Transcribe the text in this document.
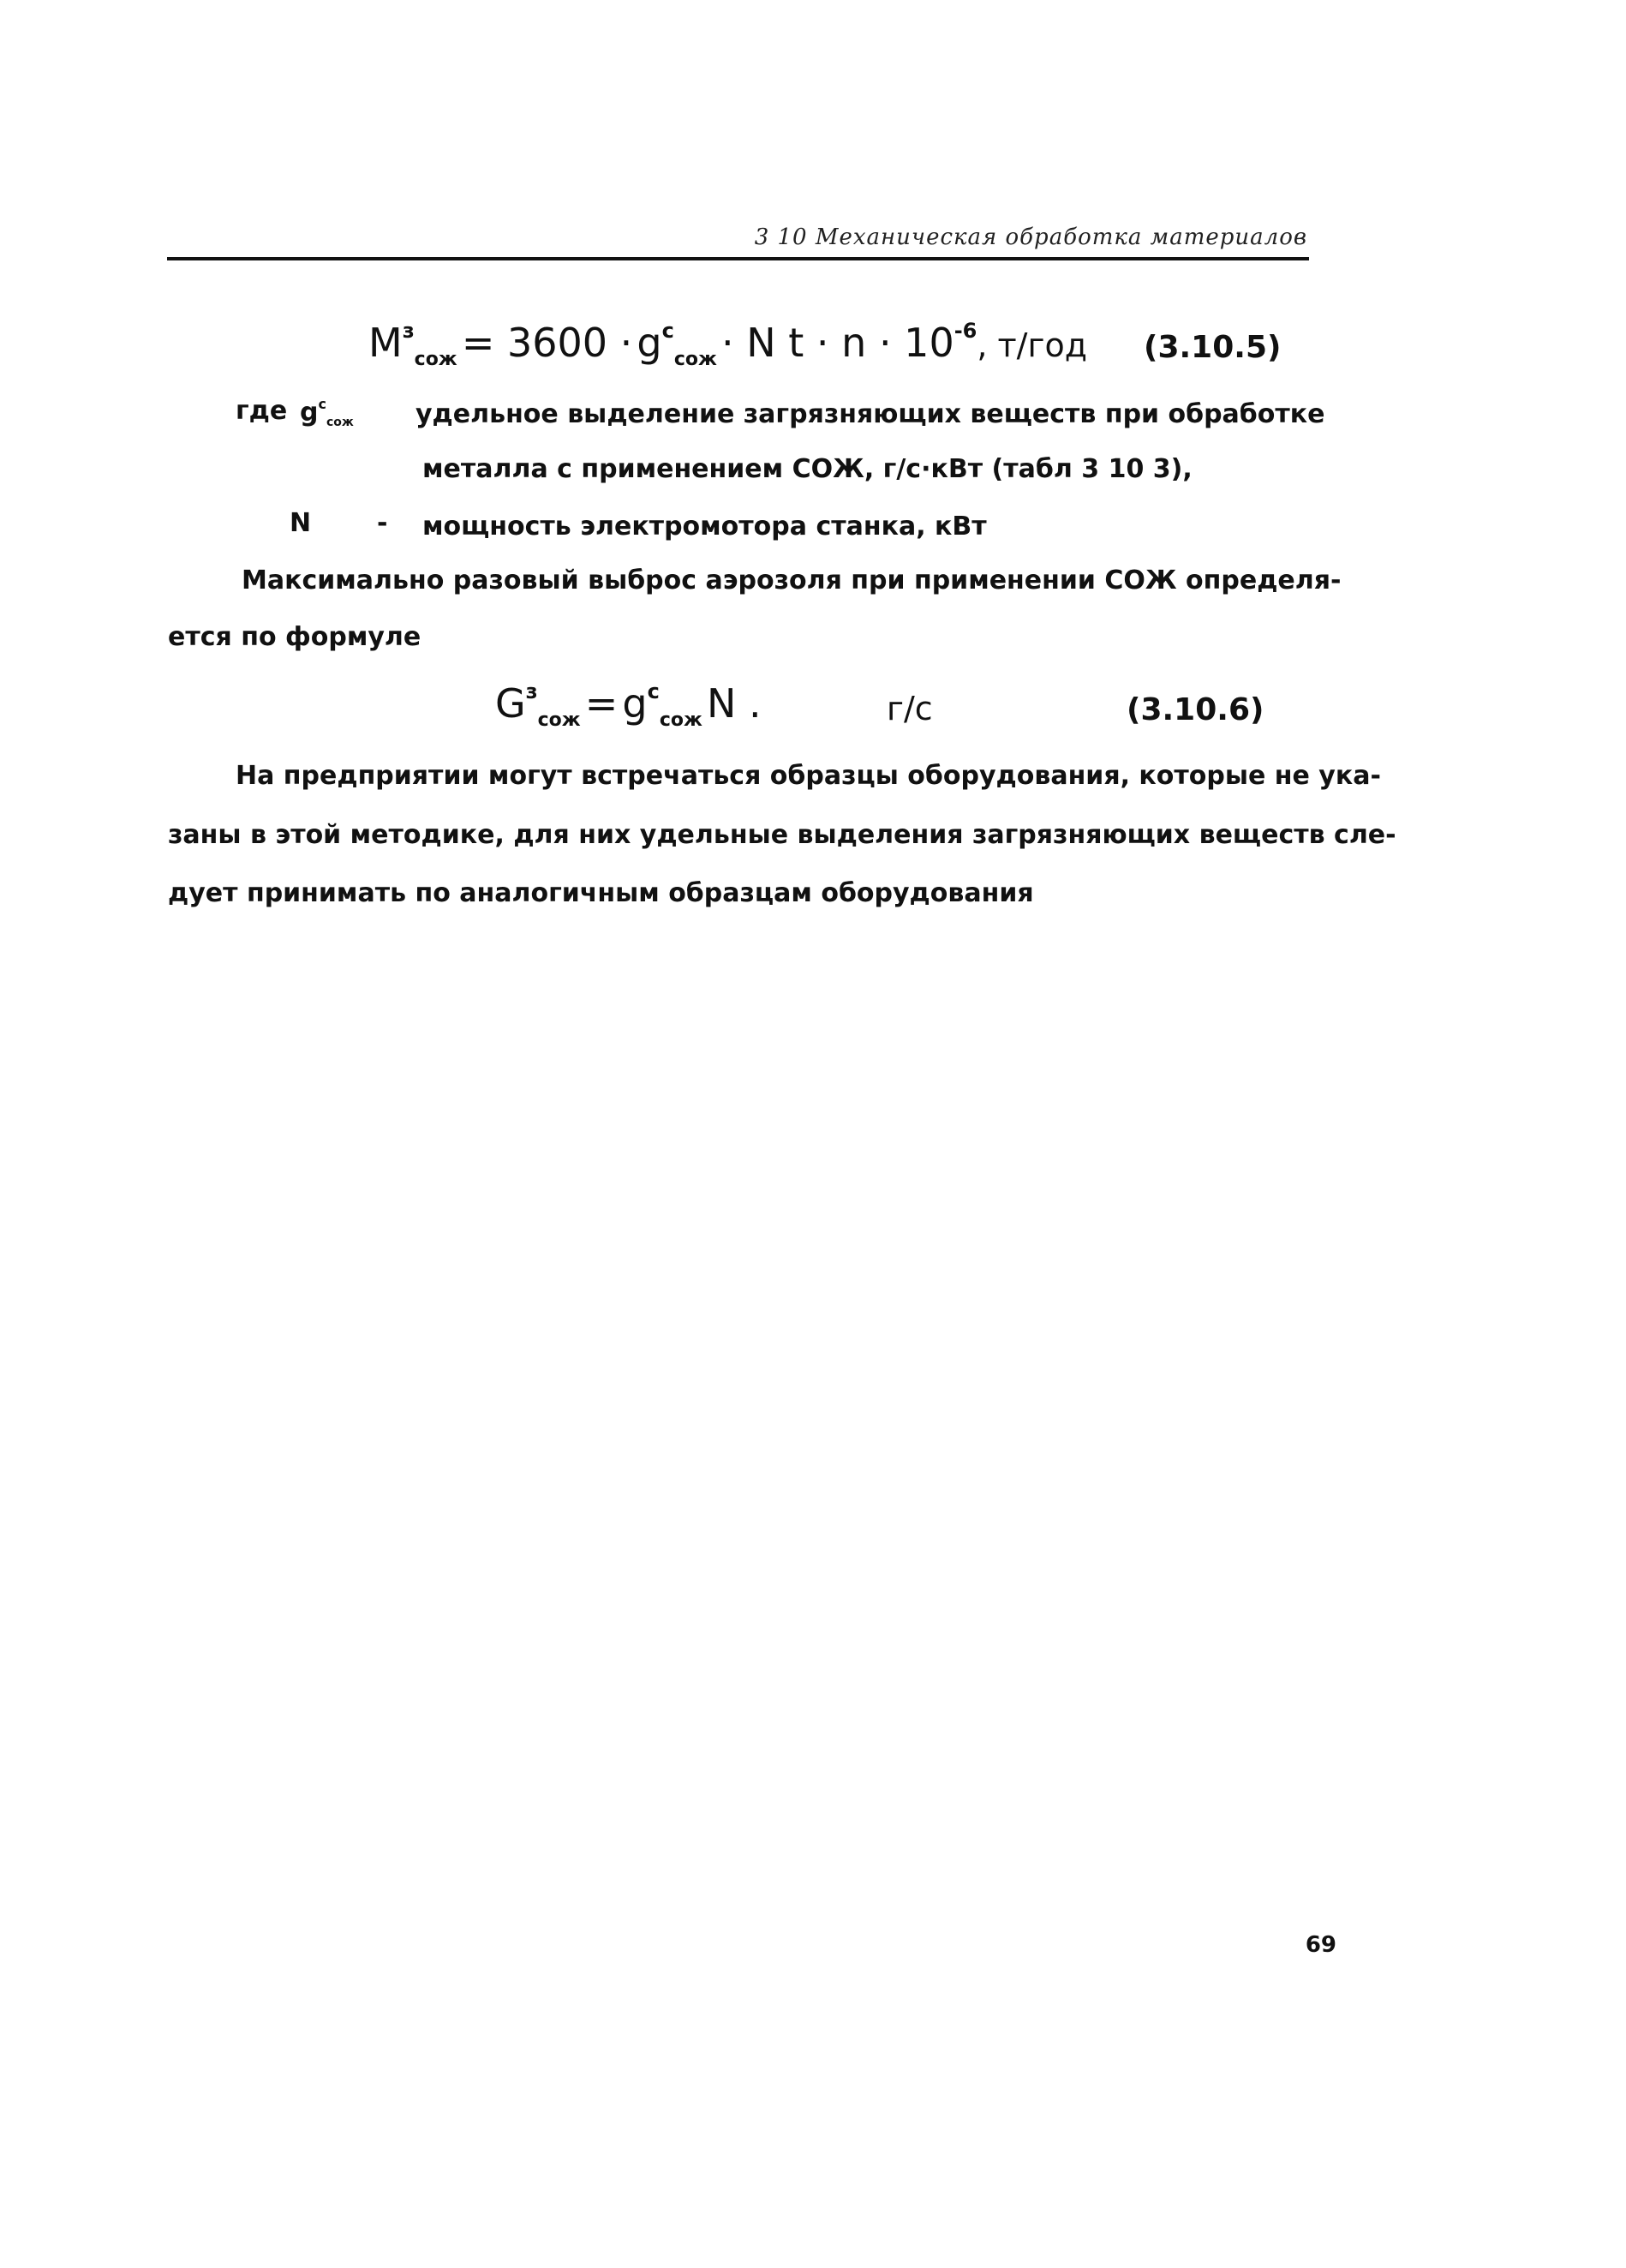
3 10 Механическая обработка материалов
$M^з_{сож} = 3600 \cdot g^c_{сож} \cdot N$ $t \cdot n \cdot 10^{-6}$, т/год (3.10.5)
где $g^c_{сож}$ удельное выделение загрязняющих веществ при обработке
металла с применением СОЖ, г/с·кВт (табл 3 10 3),
N	- мощность электромотора станка, кВт
Максимально разовый выброс аэрозоля при применении СОЖ определя-
ется по формуле
$G^з_{сож} = g^c_{сож}$ N .	г/с	(3.10.6)
На предприятии могут встречаться образцы оборудования, которые не ука-
заны в этой методике, для них удельные выделения загрязняющих веществ сле-
дует принимать по аналогичным образцам оборудования
69
